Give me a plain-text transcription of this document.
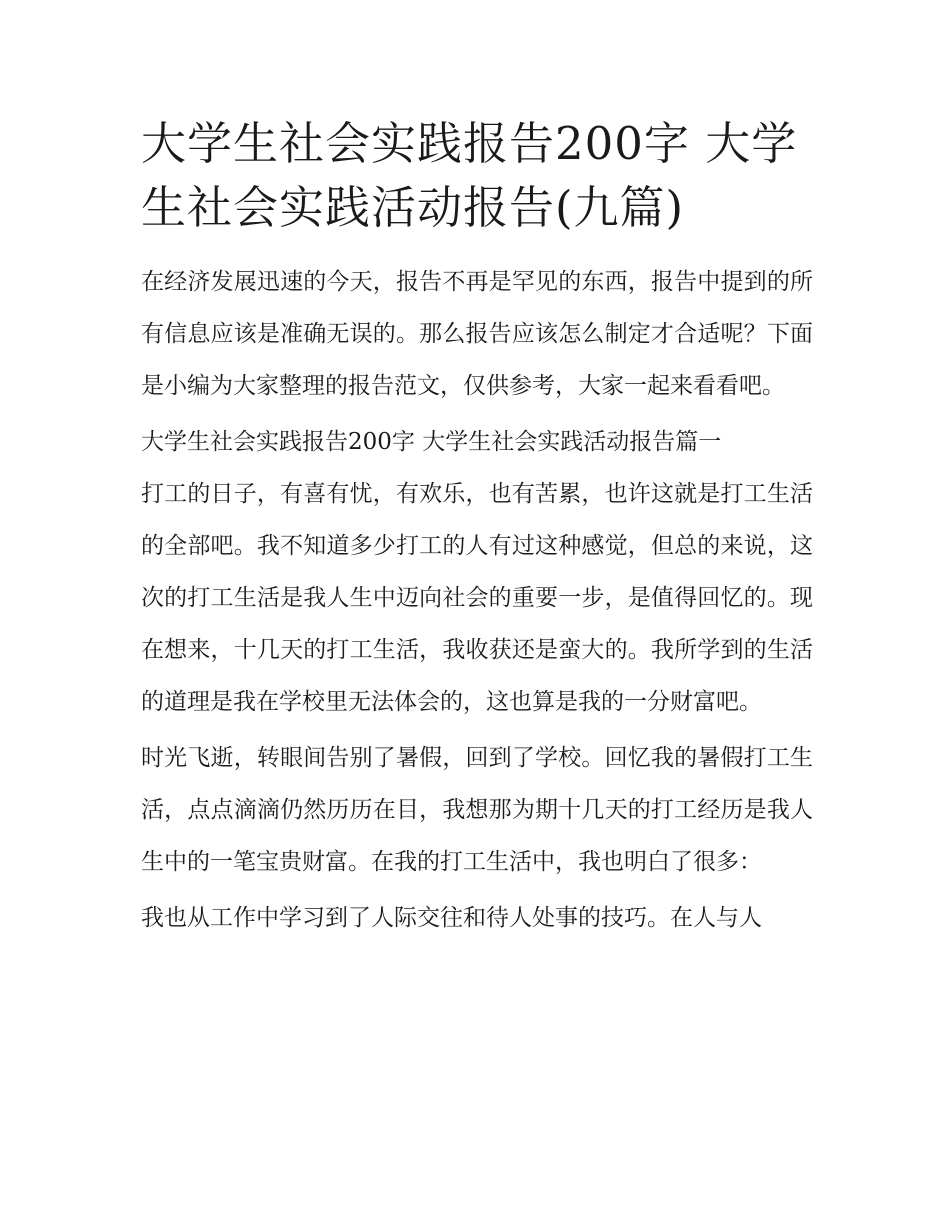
大学生社会实践报告200字 大学生社会实践活动报告(九篇)

在经济发展迅速的今天，报告不再是罕见的东西，报告中提到的所有信息应该是准确无误的。那么报告应该怎么制定才合适呢？下面是小编为大家整理的报告范文，仅供参考，大家一起来看看吧。

大学生社会实践报告200字 大学生社会实践活动报告篇一

打工的日子，有喜有忧，有欢乐，也有苦累，也许这就是打工生活的全部吧。我不知道多少打工的人有过这种感觉，但总的来说，这次的打工生活是我人生中迈向社会的重要一步，是值得回忆的。现在想来，十几天的打工生活，我收获还是蛮大的。我所学到的生活的道理是我在学校里无法体会的，这也算是我的一分财富吧。

时光飞逝，转眼间告别了暑假，回到了学校。回忆我的暑假打工生活，点点滴滴仍然历历在目，我想那为期十几天的打工经历是我人生中的一笔宝贵财富。在我的打工生活中，我也明白了很多：

我也从工作中学习到了人际交往和待人处事的技巧。在人与人
